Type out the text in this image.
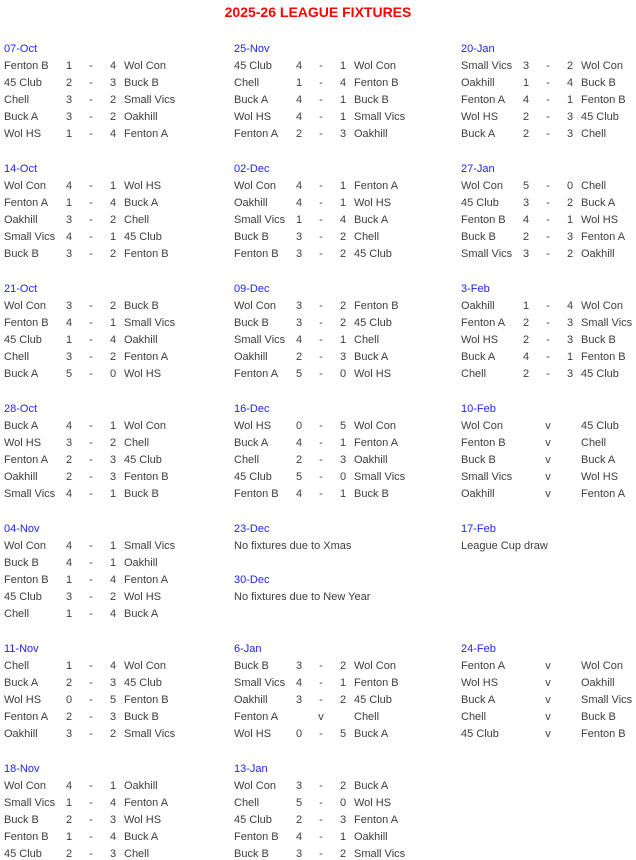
2025-26 LEAGUE FIXTURES
07-Oct
Fenton B	1	-	4 Wol Con
45 Club	2	-	3 Buck B
Chell	3	-	2 Small Vics
Buck A	3	-	2 Oakhill
Wol HS	1	-	4 Fenton A
14-Oct
Wol Con	4	-	1 Wol HS
Fenton A	1	-	4 Buck A
Oakhill	3	-	2 Chell
Small Vics 4	-	1 45 Club
Buck B	3	-	2 Fenton B
21-Oct
Wol Con	3	-	2 Buck B
Fenton B	4	-	1 Small Vics
45 Club	1	-	4 Oakhill
Chell	3	-	2 Fenton A
Buck A	5	-	0 Wol HS
28-Oct
Buck A	4	-	1 Wol Con
Wol HS	3	-	2 Chell
Fenton A	2	-	3 45 Club
Oakhill	2	-	3 Fenton B
Small Vics 4	-	1 Buck B
04-Nov
Wol Con	4	-	1 Small Vics
Buck B	4	-	1 Oakhill
Fenton B	1	-	4 Fenton A
45 Club	3	-	2 Wol HS
Chell	1	-	4 Buck A
11-Nov
Chell	1	-	4 Wol Con
Buck A	2	-	3 45 Club
Wol HS	0	-	5 Fenton B
Fenton A	2	-	3 Buck B
Oakhill	3	-	2 Small Vics
18-Nov
Wol Con	4	-	1 Oakhill
Small Vics 1	-	4 Fenton A
Buck B	2	-	3 Wol HS
Fenton B	1	-	4 Buck A
45 Club	2	-	3 Chell
25-Nov
45 Club	4	-	1 Wol Con
Chell	1	-	4 Fenton B
Buck A	4	-	1 Buck B
Wol HS	4	-	1 Small Vics
Fenton A	2	-	3 Oakhill
02-Dec
Wol Con	4	-	1 Fenton A
Oakhill	4	-	1 Wol HS
Small Vics 1	-	4 Buck A
Buck B	3	-	2 Chell
Fenton B	3	-	2 45 Club
09-Dec
Wol Con	3	-	2 Fenton B
Buck B	3	-	2 45 Club
Small Vics 4	-	1 Chell
Oakhill	2	-	3 Buck A
Fenton A	5	-	0 Wol HS
16-Dec
Wol HS	0	-	5 Wol Con
Buck A	4	-	1 Fenton A
Chell	2	-	3 Oakhill
45 Club	5	-	0 Small Vics
Fenton B	4	-	1 Buck B
23-Dec
No fixtures due to Xmas
30-Dec
No fixtures due to New Year
6-Jan
Buck B	3	-	2 Wol Con
Small Vics 4	-	1 Fenton B
Oakhill	3	-	2 45 Club
Fenton A	v	Chell
Wol HS	0	-	5 Buck A
13-Jan
Wol Con	3	-	2 Buck A
Chell	5	-	0 Wol HS
45 Club	2	-	3 Fenton A
Fenton B	4	-	1 Oakhill
Buck B	3	-	2 Small Vics
20-Jan
Small Vics 3	-	2 Wol Con
Oakhill	1	-	4 Buck B
Fenton A	4	-	1 Fenton B
Wol HS	2	-	3 45 Club
Buck A	2	-	3 Chell
27-Jan
Wol Con	5	-	0 Chell
45 Club	3	-	2 Buck A
Fenton B	4	-	1 Wol HS
Buck B	2	-	3 Fenton A
Small Vics 3	-	2 Oakhill
3-Feb
Oakhill	1	-	4 Wol Con
Fenton A	2	-	3 Small Vics
Wol HS	2	-	3 Buck B
Buck A	4	-	1 Fenton B
Chell	2	-	3 45 Club
10-Feb
Wol Con	v	45 Club
Fenton B	v	Chell
Buck B	v	Buck A
Small Vics	v	Wol HS
Oakhill	v	Fenton A
17-Feb
League Cup draw
24-Feb
Fenton A	v	Wol Con
Wol HS	v	Oakhill
Buck A	v	Small Vics
Chell	v	Buck B
45 Club	v	Fenton B
